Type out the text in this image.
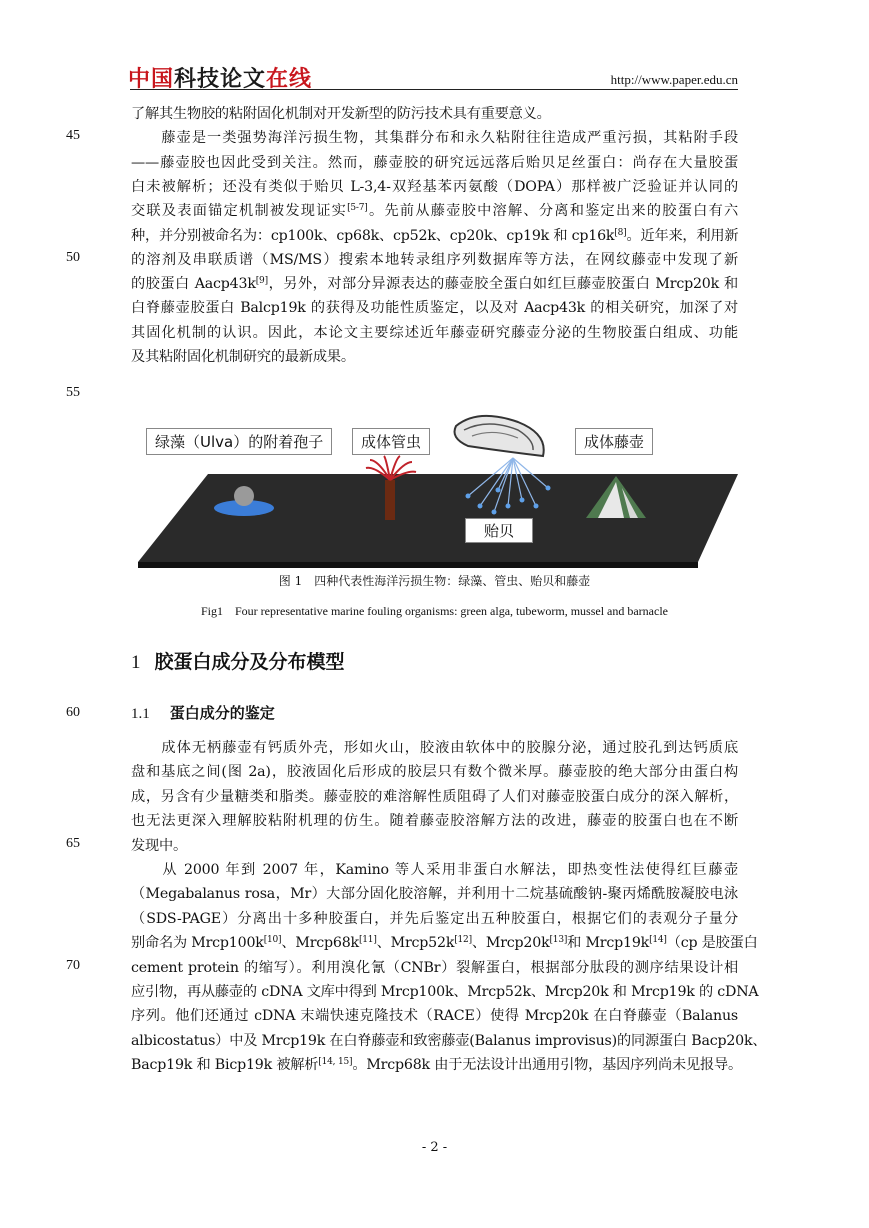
中国科技论文在线	http://www.paper.edu.cn
了解其生物胶的粘附固化机制对开发新型的防污技术具有重要意义。
　　藤壶是一类强势海洋污损生物，其集群分布和永久粘附往往造成严重污损，其粘附手段
45
——藤壶胶也因此受到关注。然而，藤壶胶的研究远远落后贻贝足丝蛋白：尚存在大量胶蛋
白未被解析；还没有类似于贻贝 L-3,4-双羟基苯丙氨酸（DOPA）那样被广泛验证并认同的
交联及表面锚定机制被发现证实[5-7]。先前从藤壶胶中溶解、分离和鉴定出来的胶蛋白有六
种，并分别被命名为：cp100k、cp68k、cp52k、cp20k、cp19k 和 cp16k[8]。近年来，利用新
的溶剂及串联质谱（MS/MS）搜索本地转录组序列数据库等方法，在网纹藤壶中发现了新
50
的胶蛋白 Aacp43k[9]，另外，对部分异源表达的藤壶胶全蛋白如红巨藤壶胶蛋白 Mrcp20k 和
白脊藤壶胶蛋白 Balcp19k 的获得及功能性质鉴定，以及对 Aacp43k 的相关研究，加深了对
其固化机制的认识。因此，本论文主要综述近年藤壶研究藤壶分泌的生物胶蛋白组成、功能
及其粘附固化机制研究的最新成果。
55
绿藻（Ulva）的附着孢子	成体管虫	成体藤壶
贻贝
图 1　四种代表性海洋污损生物：绿藻、管虫、贻贝和藤壶
Fig1　Four representative marine fouling organisms: green alga, tubeworm, mussel and barnacle
1 胶蛋白成分及分布模型
60	1.1 蛋白成分的鉴定
　　成体无柄藤壶有钙质外壳，形如火山，胶液由软体中的胶腺分泌，通过胶孔到达钙质底
盘和基底之间(图 2a)，胶液固化后形成的胶层只有数个微米厚。藤壶胶的绝大部分由蛋白构
成，另含有少量糖类和脂类。藤壶胶的难溶解性质阻碍了人们对藤壶胶蛋白成分的深入解析，
也无法更深入理解胶粘附机理的仿生。随着藤壶胶溶解方法的改进，藤壶的胶蛋白也在不断
发现中。
65
　　从 2000 年到 2007 年，Kamino 等人采用非蛋白水解法，即热变性法使得红巨藤壶
（Megabalanus rosa，Mr）大部分固化胶溶解，并利用十二烷基硫酸钠-聚丙烯酰胺凝胶电泳
（SDS-PAGE）分离出十多种胶蛋白，并先后鉴定出五种胶蛋白，根据它们的表观分子量分
别命名为 Mrcp100k[10]、Mrcp68k[11]、Mrcp52k[12]、Mrcp20k[13]和 Mrcp19k[14]（cp 是胶蛋白
cement protein 的缩写）。利用溴化氰（CNBr）裂解蛋白，根据部分肽段的测序结果设计相
70
应引物，再从藤壶的 cDNA 文库中得到 Mrcp100k、Mrcp52k、Mrcp20k 和 Mrcp19k 的 cDNA
序列。他们还通过 cDNA 末端快速克隆技术（RACE）使得 Mrcp20k 在白脊藤壶（Balanus
albicostatus）中及 Mrcp19k 在白脊藤壶和致密藤壶(Balanus improvisus)的同源蛋白 Bacp20k、
Bacp19k 和 Bicp19k 被解析[14, 15]。Mrcp68k 由于无法设计出通用引物，基因序列尚未见报导。
- 2 -
